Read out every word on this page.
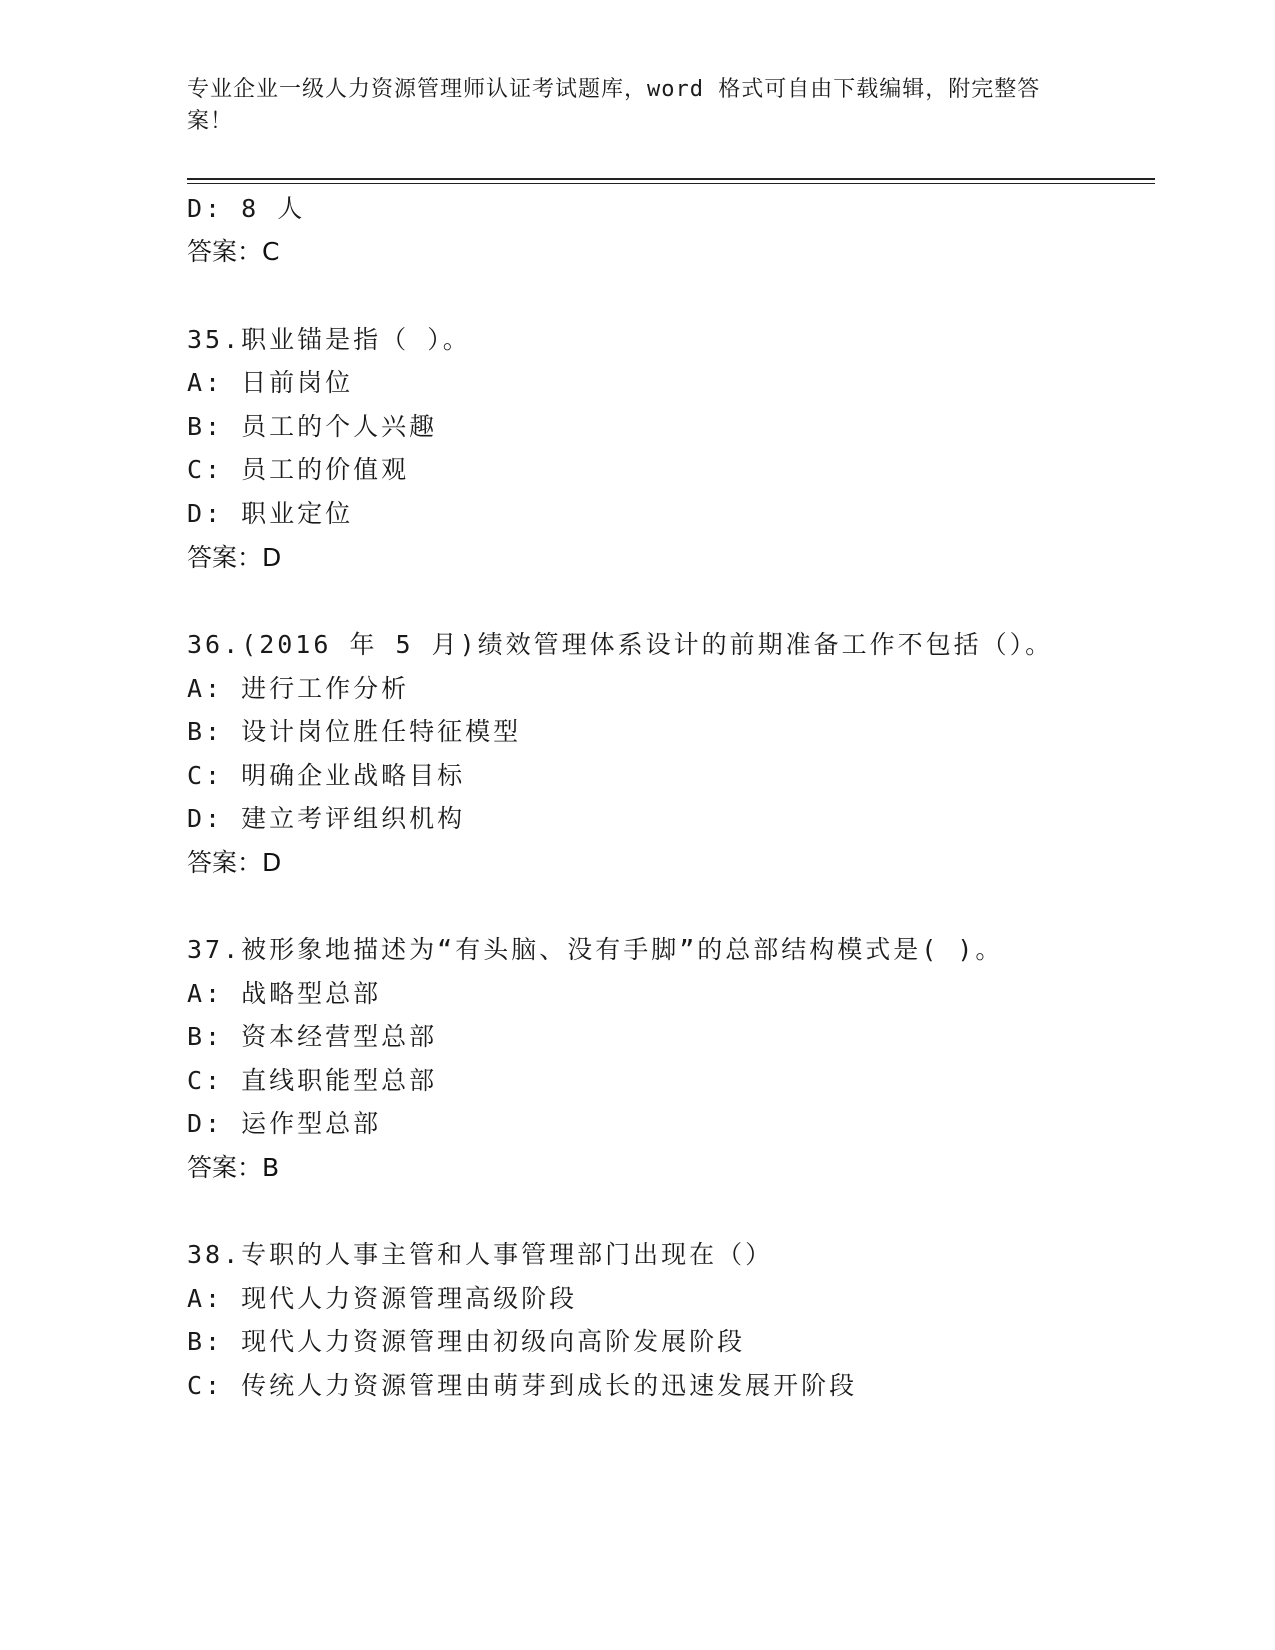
专业企业一级人力资源管理师认证考试题库，word 格式可自由下载编辑，附完整答案！
D: 8 人
答案：C
35.职业锚是指（ ）。
A: 日前岗位
B: 员工的个人兴趣
C: 员工的价值观
D: 职业定位
答案：D
36.(2016 年 5 月)绩效管理体系设计的前期准备工作不包括（）。
A: 进行工作分析
B: 设计岗位胜任特征模型
C: 明确企业战略目标
D: 建立考评组织机构
答案：D
37.被形象地描述为“有头脑、没有手脚”的总部结构模式是( )。
A: 战略型总部
B: 资本经营型总部
C: 直线职能型总部
D: 运作型总部
答案：B
38.专职的人事主管和人事管理部门出现在（）
A: 现代人力资源管理高级阶段
B: 现代人力资源管理由初级向高阶发展阶段
C: 传统人力资源管理由萌芽到成长的迅速发展开阶段
